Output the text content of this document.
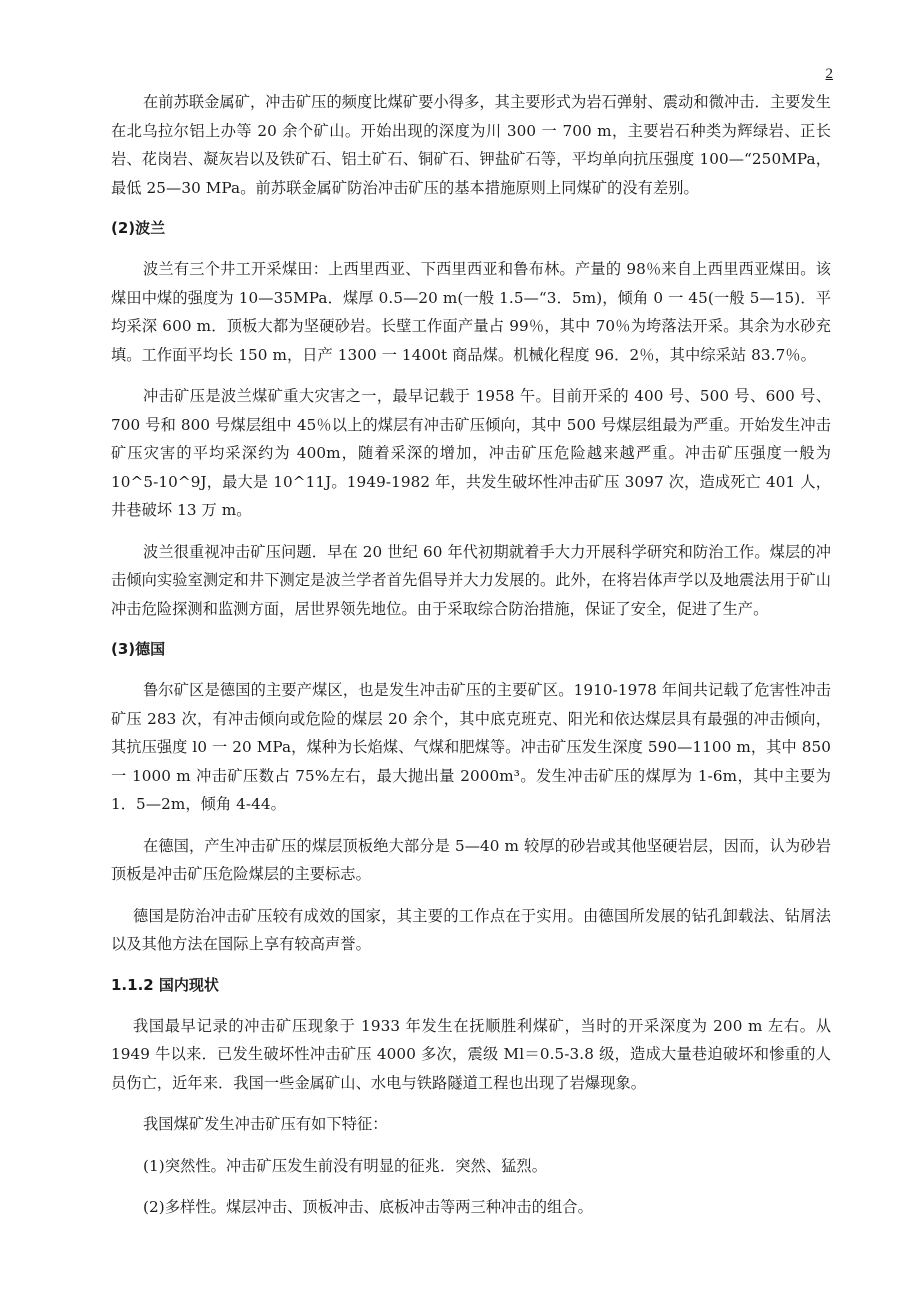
2

在前苏联金属矿，冲击矿压的频度比煤矿要小得多，其主要形式为岩石弹射、震动和微冲击．主要发生在北乌拉尔铝上办等 20 余个矿山。开始出现的深度为川 300 一 700 m，主要岩石种类为辉绿岩、正长岩、花岗岩、凝灰岩以及铁矿石、铝土矿石、铜矿石、钾盐矿石等，平均单向抗压强度 100—“250MPa，最低 25—30 MPa。前苏联金属矿防治冲击矿压的基本措施原则上同煤矿的没有差别。

(2)波兰

波兰有三个井工开采煤田：上西里西亚、下西里西亚和鲁布林。产量的 98％来自上西里西亚煤田。该煤田中煤的强度为 10—35MPa．煤厚 0.5—20 m(一般 1.5—“3．5m)，倾角 0 一 45(一般 5—15)．平均采深 600 m．顶板大都为坚硬砂岩。长壁工作面产量占 99％，其中 70％为垮落法开采。其余为水砂充填。工作面平均长 150 m，日产 1300 一 1400t 商品煤。机械化程度 96．2％，其中综采站 83.7％。

冲击矿压是波兰煤矿重大灾害之一，最早记载于 1958 午。目前开采的 400 号、500 号、600 号、700 号和 800 号煤层组中 45％以上的煤层有冲击矿压倾向，其中 500 号煤层组最为严重。开始发生冲击矿压灾害的平均采深约为 400m，随着采深的增加，冲击矿压危险越来越严重。冲击矿压强度一般为 10^5-10^9J，最大是 10^11J。1949-1982 年，共发生破坏性冲击矿压 3097 次，造成死亡 401 人，井巷破坏 13 万 m。

波兰很重视冲击矿压问题．早在 20 世纪 60 年代初期就着手大力开展科学研究和防治工作。煤层的冲击倾向实验室测定和井下测定是波兰学者首先倡导并大力发展的。此外，在将岩体声学以及地震法用于矿山冲击危险探测和监测方面，居世界领先地位。由于采取综合防治措施，保证了安全，促进了生产。

(3)德国

鲁尔矿区是德国的主要产煤区，也是发生冲击矿压的主要矿区。1910-1978 年间共记载了危害性冲击矿压 283 次，有冲击倾向或危险的煤层 20 余个，其中底克班克、阳光和依达煤层具有最强的冲击倾向，其抗压强度 l0 一 20 MPa，煤种为长焰煤、气煤和肥煤等。冲击矿压发生深度 590—1100 m，其中 850 一 1000 m 冲击矿压数占 75%左右，最大抛出量 2000m³。发生冲击矿压的煤厚为 1-6m，其中主要为 1．5—2m，倾角 4-44。

在德国，产生冲击矿压的煤层顶板绝大部分是 5—40 m 较厚的砂岩或其他坚硬岩层，因而，认为砂岩顶板是冲击矿压危险煤层的主要标志。

德国是防治冲击矿压较有成效的国家，其主要的工作点在于实用。由德国所发展的钻孔卸载法、钻屑法以及其他方法在国际上享有较高声誉。

1.1.2 国内现状

我国最早记录的冲击矿压现象于 1933 年发生在抚顺胜利煤矿，当时的开采深度为 200 m 左右。从 1949 牛以来．已发生破坏性冲击矿压 4000 多次，震级 Ml＝0.5-3.8 级，造成大量巷迫破坏和惨重的人员伤亡，近年来．我国一些金属矿山、水电与铁路隧道工程也出现了岩爆现象。

我国煤矿发生冲击矿压有如下特征：

(1)突然性。冲击矿压发生前没有明显的征兆．突然、猛烈。

(2)多样性。煤层冲击、顶板冲击、底板冲击等两三种冲击的组合。
